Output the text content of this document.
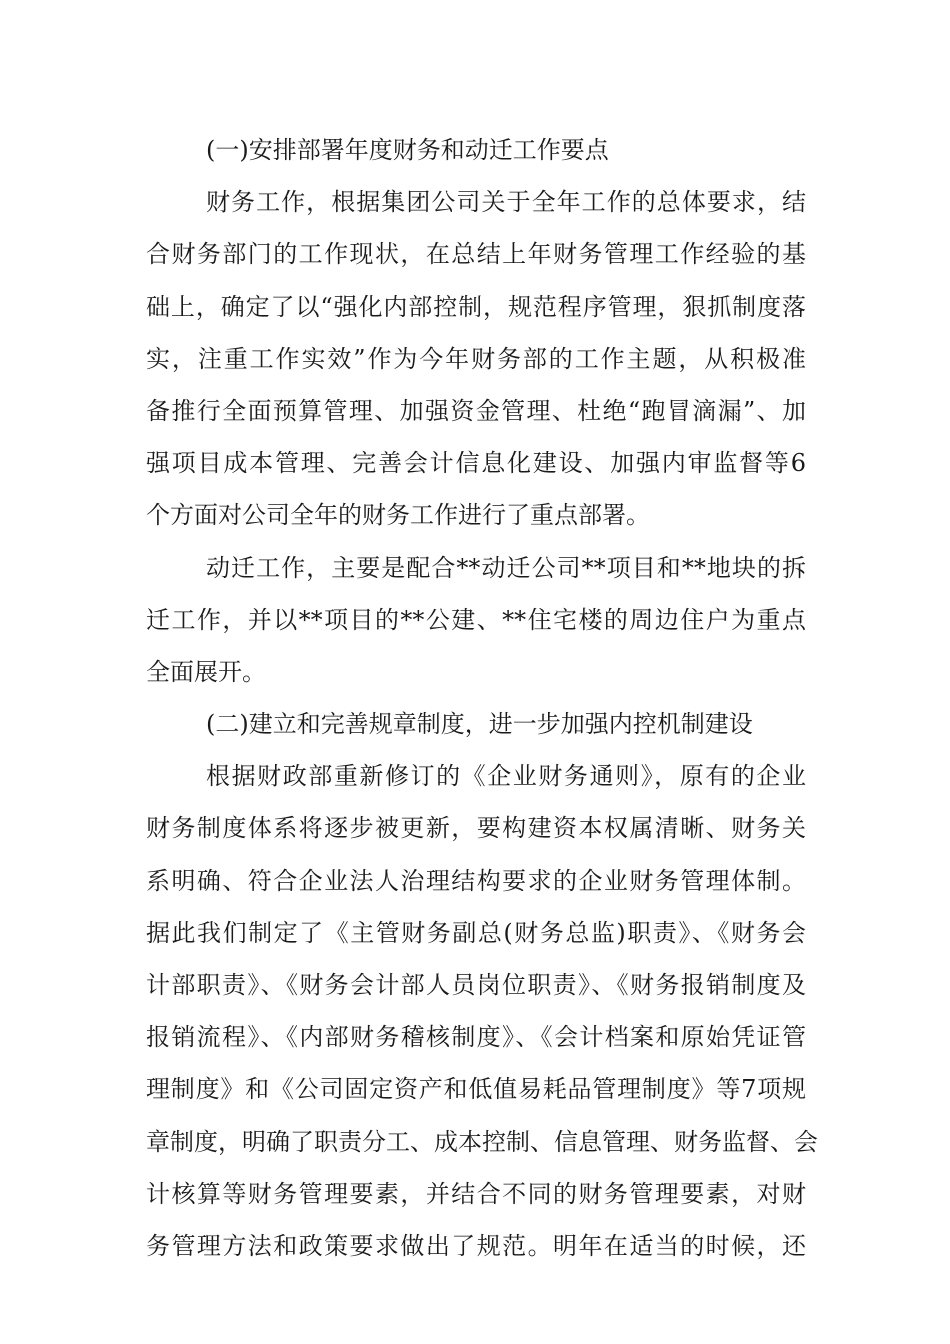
(一)安排部署年度财务和动迁工作要点
财务工作，根据集团公司关于全年工作的总体要求，结
合财务部门的工作现状，在总结上年财务管理工作经验的基
础上，确定了以“强化内部控制，规范程序管理，狠抓制度落
实，注重工作实效”作为今年财务部的工作主题，从积极准
备推行全面预算管理、加强资金管理、杜绝“跑冒滴漏”、加
强项目成本管理、完善会计信息化建设、加强内审监督等6
个方面对公司全年的财务工作进行了重点部署。
动迁工作，主要是配合**动迁公司**项目和**地块的拆
迁工作，并以**项目的**公建、**住宅楼的周边住户为重点
全面展开。
(二)建立和完善规章制度，进一步加强内控机制建设
根据财政部重新修订的《企业财务通则》，原有的企业
财务制度体系将逐步被更新，要构建资本权属清晰、财务关
系明确、符合企业法人治理结构要求的企业财务管理体制。
据此我们制定了《主管财务副总(财务总监)职责》、《财务会
计部职责》、《财务会计部人员岗位职责》、《财务报销制度及
报销流程》、《内部财务稽核制度》、《会计档案和原始凭证管
理制度》和《公司固定资产和低值易耗品管理制度》等7项规
章制度，明确了职责分工、成本控制、信息管理、财务监督、会
计核算等财务管理要素，并结合不同的财务管理要素，对财
务管理方法和政策要求做出了规范。明年在适当的时候，还
